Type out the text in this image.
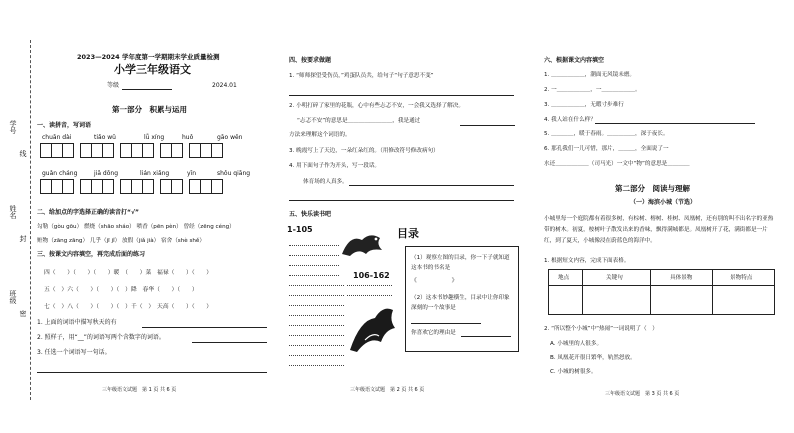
学号
线
姓名
封
班级
密
2023—2024 学年度第一学期期末学业质量检测
小学三年级语文
等级	2024.01
第一部分　积累与运用
一、读拼音，写词语
chuān dài	tiǎo wǔ	lǚ xíng	huǒ	gāo wěn
guǎn cháng	jiā dōng	lián xiǎng	yīn	shǒu qiāng
二、给加点的字选择正确的读音打“√”
勾勒（gòu gōu） 燃烧（shāo sháo） 喷香（pēn pèn） 曾经（zēng céng）
赃物（zāng zāng） 几乎（jī jǐ） 放假（jiǎ jià） 宿舍（shè shě）
三、按课文内容填空，再完成后面的练习
四（　　）（　　）（　　）暖　（　　）菜　福禄（　　）（　　）
五（　）六（　　）（　　）（　）降　春华（　　）（　　）
七（　）八（　　）（　　）（　）千（　）　天高（　　）（　　）
1. 上面的词语中描写秋天的有
2. 照样子，用“__”的词语写两个含数字的词语。
3. 任选一个词语写一句话。
三年级语文试题　第 1 页 共 6 页
四、按要求做题
1. “师师探望受伤员，”鸡蛋队员共，给句子“句子意思不变”
2. 小明打碎了家里的花瓶，心中有些忐忑不安，一会我又选择了解决。
“忐忑不安”的意思是＿＿＿＿＿＿＿＿，我是通过
方法来理解这个词语的。
3. 晚霞写上了天边，一朵红朵红的。（用修改符号修改病句）
4. 用下面句子作为开头，写一段话。
体育场的人真多。
五、快乐读书吧
1-105	目录
106-162
（1）观察左图的目录，你一下子就知道这本书的书名是
《　　　　　　》
（2）这本书妙趣横生，目录中让你印象深刻的一个故事是
你喜欢它的理由是
三年级语文试题　第 2 页 共 6 页
六、根据课文内容填空
1. ＿＿＿＿＿＿，潮面无风镜未磨。
2. 一＿＿＿＿＿＿，一＿＿＿＿＿＿。
3. ＿＿＿＿＿＿，无暇寸步难行
4. 我人站在什么样？
5. ＿＿＿＿，暖于春雨。＿＿＿＿＿，深于夜长。
6. 那孔我们一儿可惜，那片，＿＿＿，全面说了一
水还＿＿＿＿＿＿（司马光）一文中“物”的意思是＿＿＿＿
第二部分　阅读与理解
（一）海滨小城（节选）
小城里每一个庭院都有着很多树，有棕树、榕树、桂树、凤凰树，还有别的叫不出名字的亚热带的树木。初夏，桉树叶子散发出来的香味，飘得满城都是。凤凰树开了花，满街都是一片红，到了夏天，小城像浸在蔚蓝色的海洋中。
1. 根据短文内容，完成下面表格。
地点	关键句	具体景物	景物特点
2. “所以整个小城”中“热闹”一词说明了（　）
A. 小城里的人很多。
B. 凤凰花开很日繁华，轨然怒放。
C. 小城的树很多。
三年级语文试题　第 3 页 共 6 页
